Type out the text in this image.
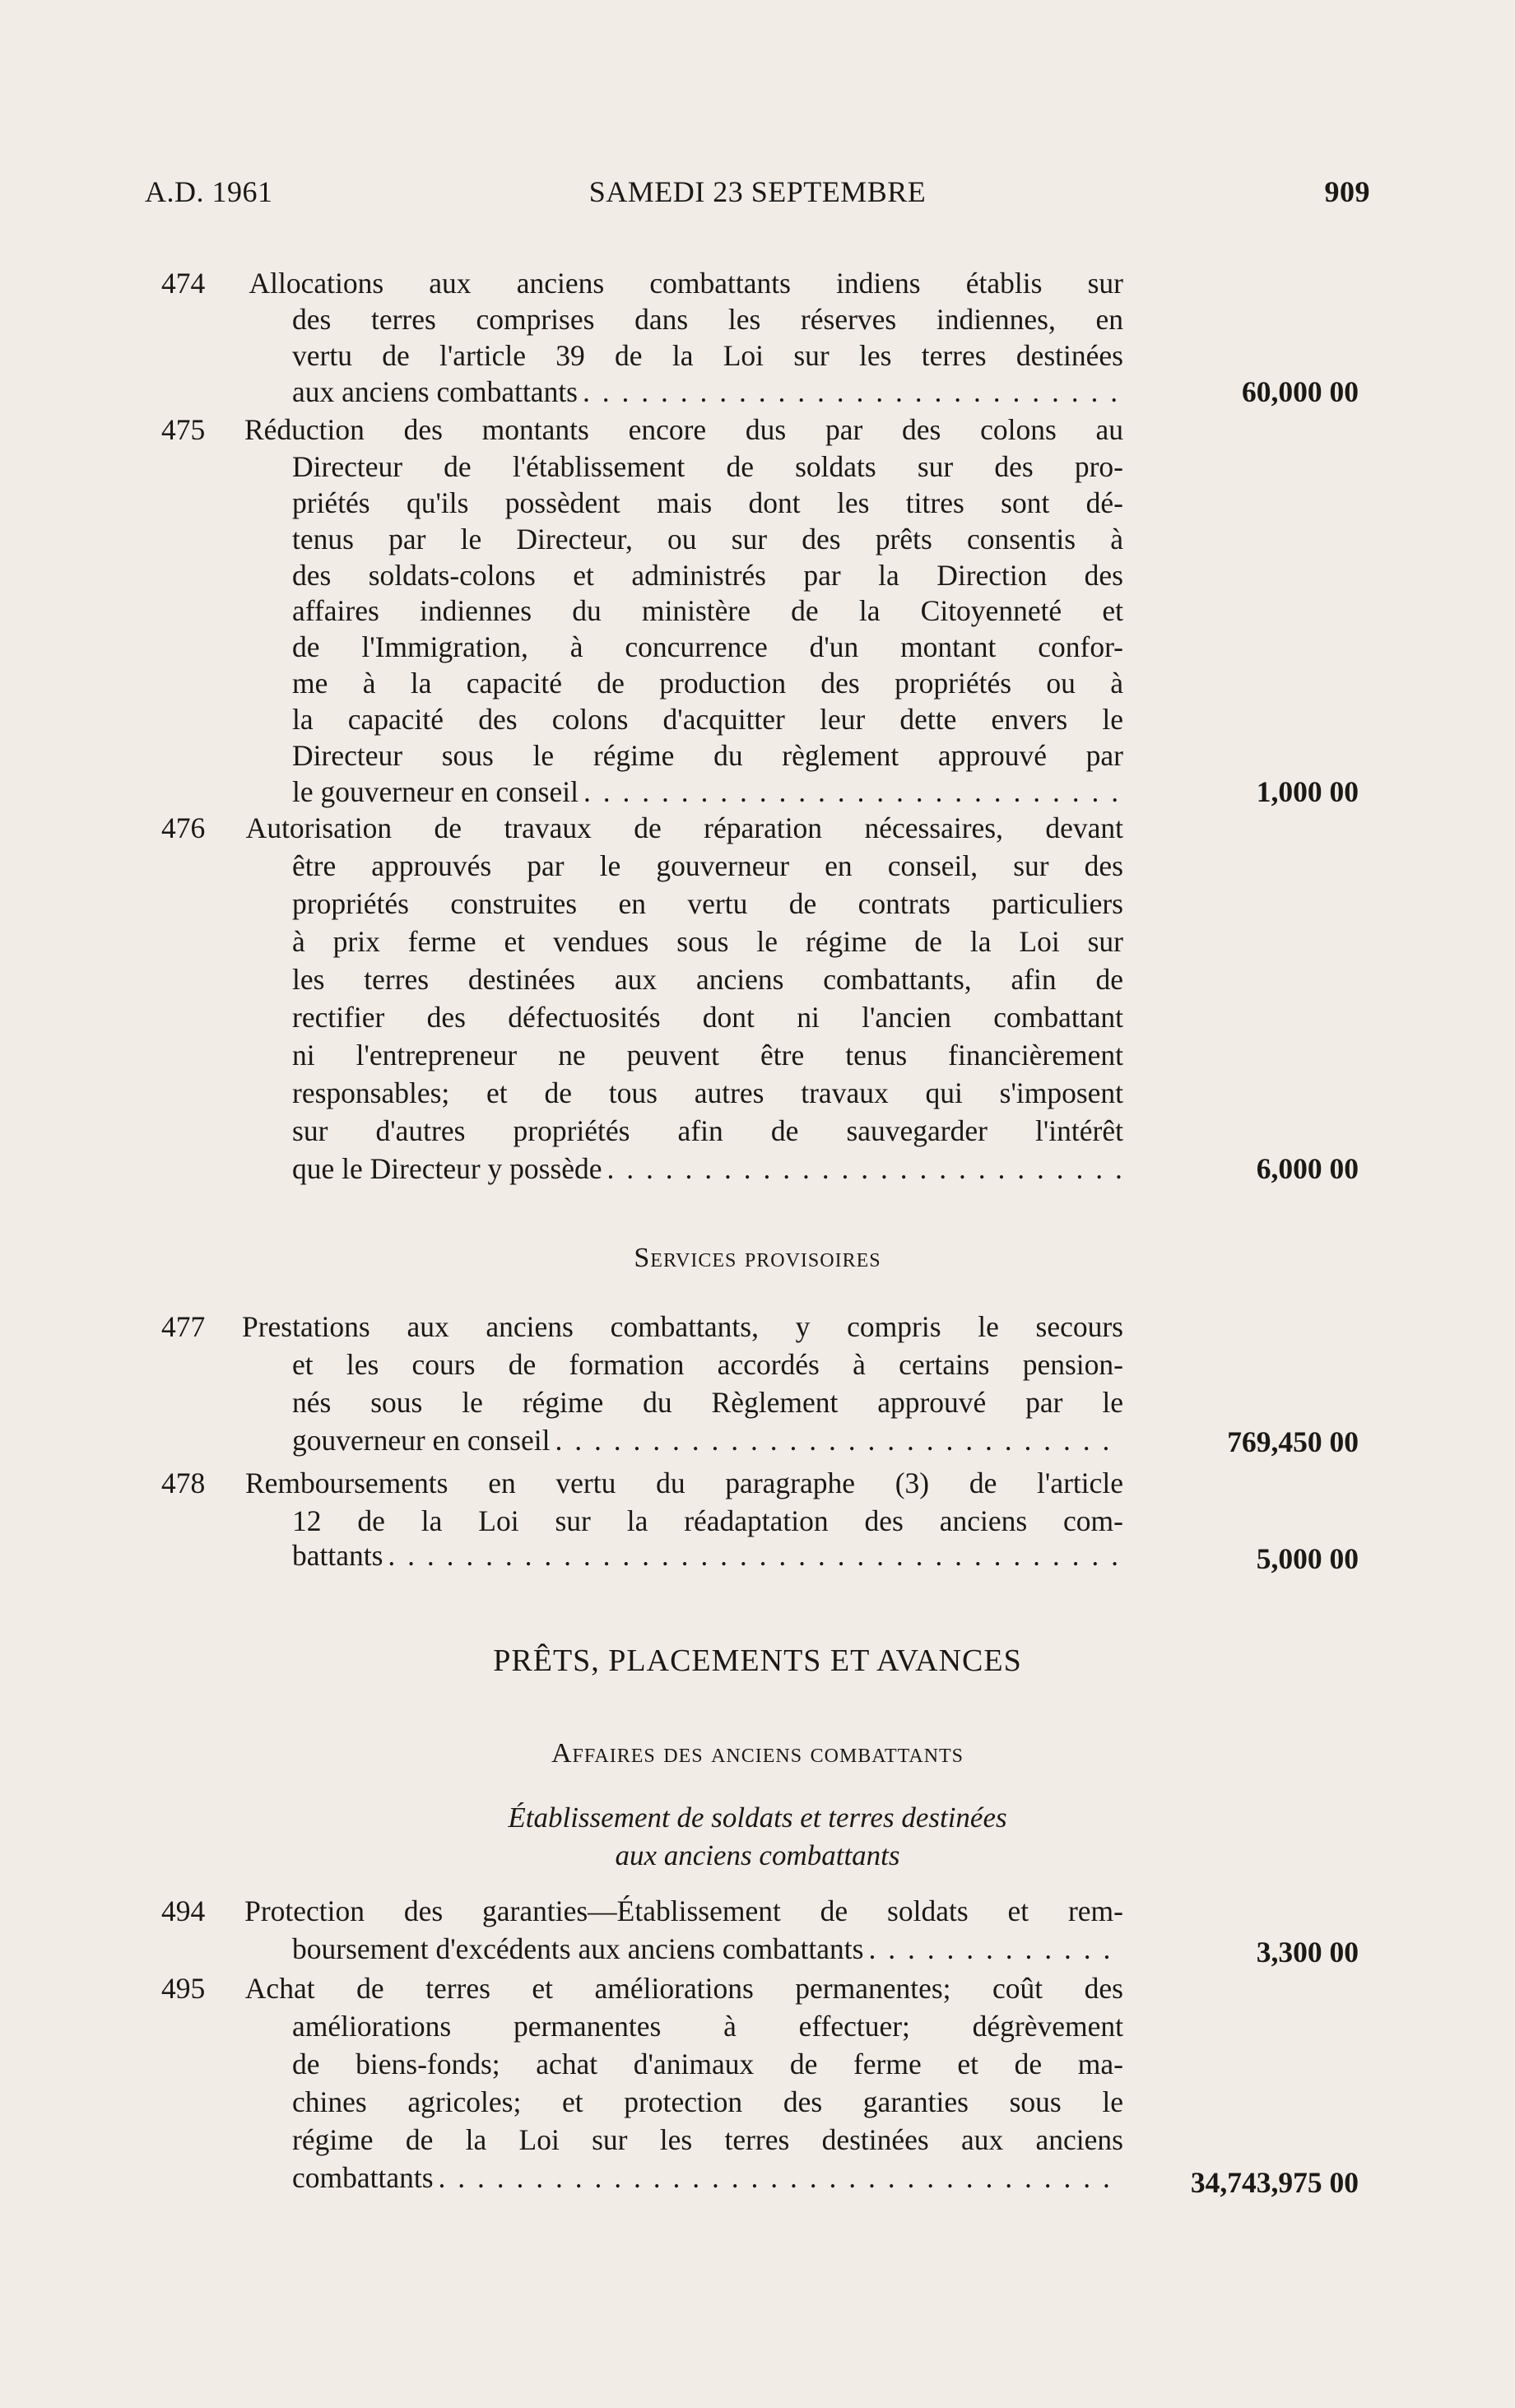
A.D. 1961	SAMEDI 23 SEPTEMBRE	909
474 Allocations aux anciens combattants indiens établis sur
des terres comprises dans les réserves indiennes, en
vertu de l'article 39 de la Loi sur les terres destinées
aux anciens combattants . . .	60,000 00
475 Réduction des montants encore dus par des colons au
Directeur de l'établissement de soldats sur des pro-
priétés qu'ils possèdent mais dont les titres sont dé-
tenus par le Directeur, ou sur des prêts consentis à
des soldats-colons et administrés par la Direction des
affaires indiennes du ministère de la Citoyenneté et
de l'Immigration, à concurrence d'un montant confor-
me à la capacité de production des propriétés ou à
la capacité des colons d'acquitter leur dette envers le
Directeur sous le régime du règlement approuvé par
le gouverneur en conseil . . .	1,000 00
476 Autorisation de travaux de réparation nécessaires, devant
être approuvés par le gouverneur en conseil, sur des
propriétés construites en vertu de contrats particuliers
à prix ferme et vendues sous le régime de la Loi sur
les terres destinées aux anciens combattants, afin de
rectifier des défectuosités dont ni l'ancien combattant
ni l'entrepreneur ne peuvent être tenus financièrement
responsables; et de tous autres travaux qui s'imposent
sur d'autres propriétés afin de sauvegarder l'intérêt
que le Directeur y possède . . .	6,000 00
Services provisoires
477 Prestations aux anciens combattants, y compris le secours
et les cours de formation accordés à certains pension-
nés sous le régime du Règlement approuvé par le
gouverneur en conseil . . .	769,450 00
478 Remboursements en vertu du paragraphe (3) de l'article
12 de la Loi sur la réadaptation des anciens com-
battants . . .	5,000 00
PRÊTS, PLACEMENTS ET AVANCES
Affaires des anciens combattants
Établissement de soldats et terres destinées
aux anciens combattants
494 Protection des garanties—Établissement de soldats et rem-
boursement d'excédents aux anciens combattants . . .	3,300 00
495 Achat de terres et améliorations permanentes; coût des
améliorations permanentes à effectuer; dégrèvement
de biens-fonds; achat d'animaux de ferme et de ma-
chines agricoles; et protection des garanties sous le
régime de la Loi sur les terres destinées aux anciens
combattants . . .	34,743,975 00
